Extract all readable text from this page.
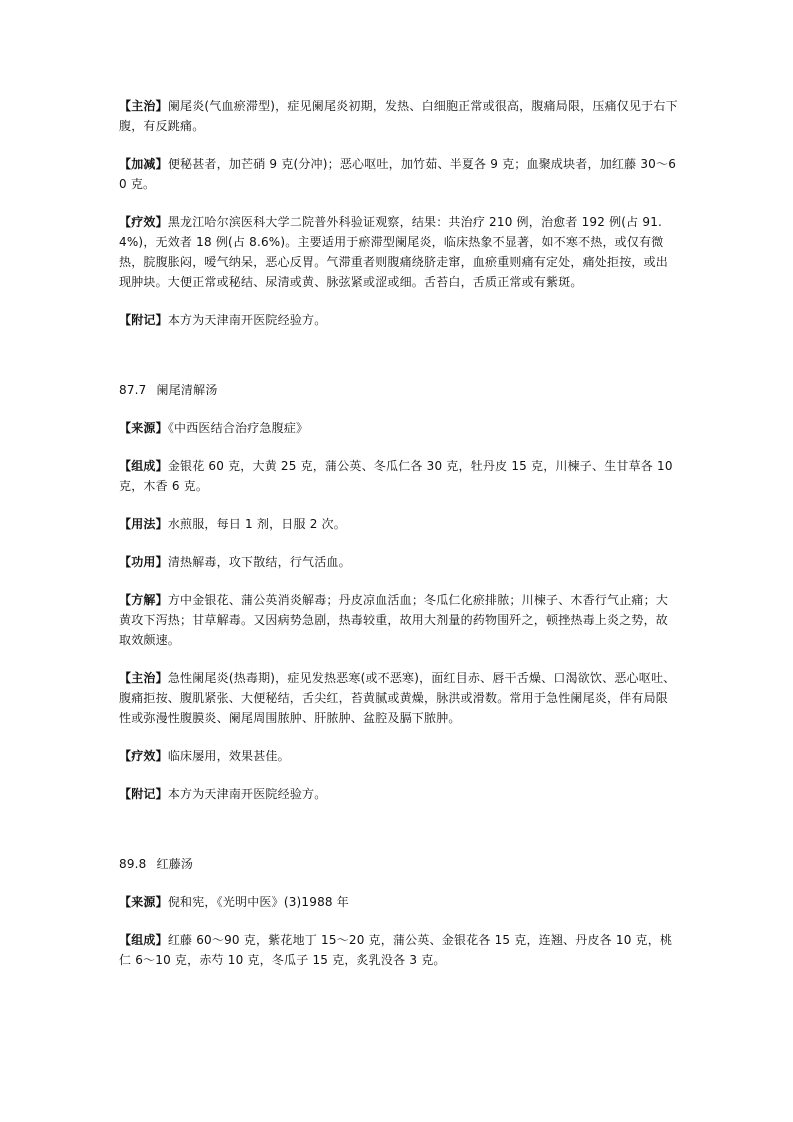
【主治】阑尾炎(气血瘀滞型)，症见阑尾炎初期，发热、白细胞正常或很高，腹痛局限，压痛仅见于右下腹，有反跳痛。

【加减】便秘甚者，加芒硝 9 克(分冲)；恶心呕吐，加竹茹、半夏各 9 克；血聚成块者，加红藤 30～60 克。

【疗效】黑龙江哈尔滨医科大学二院普外科验证观察，结果：共治疗 210 例，治愈者 192 例(占 91.4%)，无效者 18 例(占 8.6%)。主要适用于瘀滞型阑尾炎，临床热象不显著，如不寒不热，或仅有微热，脘腹胀闷，嗳气纳呆，恶心反胃。气滞重者则腹痛绕脐走窜，血瘀重则痛有定处，痛处拒按，或出现肿块。大便正常或秘结、尿清或黄、脉弦紧或涩或细。舌苔白，舌质正常或有紫斑。

【附记】本方为天津南开医院经验方。

87.7 阑尾清解汤

【来源】《中西医结合治疗急腹症》

【组成】金银花 60 克，大黄 25 克，蒲公英、冬瓜仁各 30 克，牡丹皮 15 克，川楝子、生甘草各 10 克，木香 6 克。

【用法】水煎服，每日 1 剂，日服 2 次。

【功用】清热解毒，攻下散结，行气活血。

【方解】方中金银花、蒲公英消炎解毒；丹皮凉血活血；冬瓜仁化瘀排脓；川楝子、木香行气止痛；大黄攻下泻热；甘草解毒。又因病势急剧，热毒较重，故用大剂量的药物围歼之，顿挫热毒上炎之势，故取效颇速。

【主治】急性阑尾炎(热毒期)，症见发热恶寒(或不恶寒)，面红目赤、唇干舌燥、口渴欲饮、恶心呕吐、腹痛拒按、腹肌紧张、大便秘结，舌尖红，苔黄腻或黄燥，脉洪或滑数。常用于急性阑尾炎，伴有局限性或弥漫性腹膜炎、阑尾周围脓肿、肝脓肿、盆腔及膈下脓肿。

【疗效】临床屡用，效果甚佳。

【附记】本方为天津南开医院经验方。

89.8 红藤汤

【来源】倪和宪，《光明中医》(3)1988 年

【组成】红藤 60～90 克，紫花地丁 15～20 克，蒲公英、金银花各 15 克，连翘、丹皮各 10 克，桃仁 6～10 克，赤芍 10 克，冬瓜子 15 克，炙乳没各 3 克。
